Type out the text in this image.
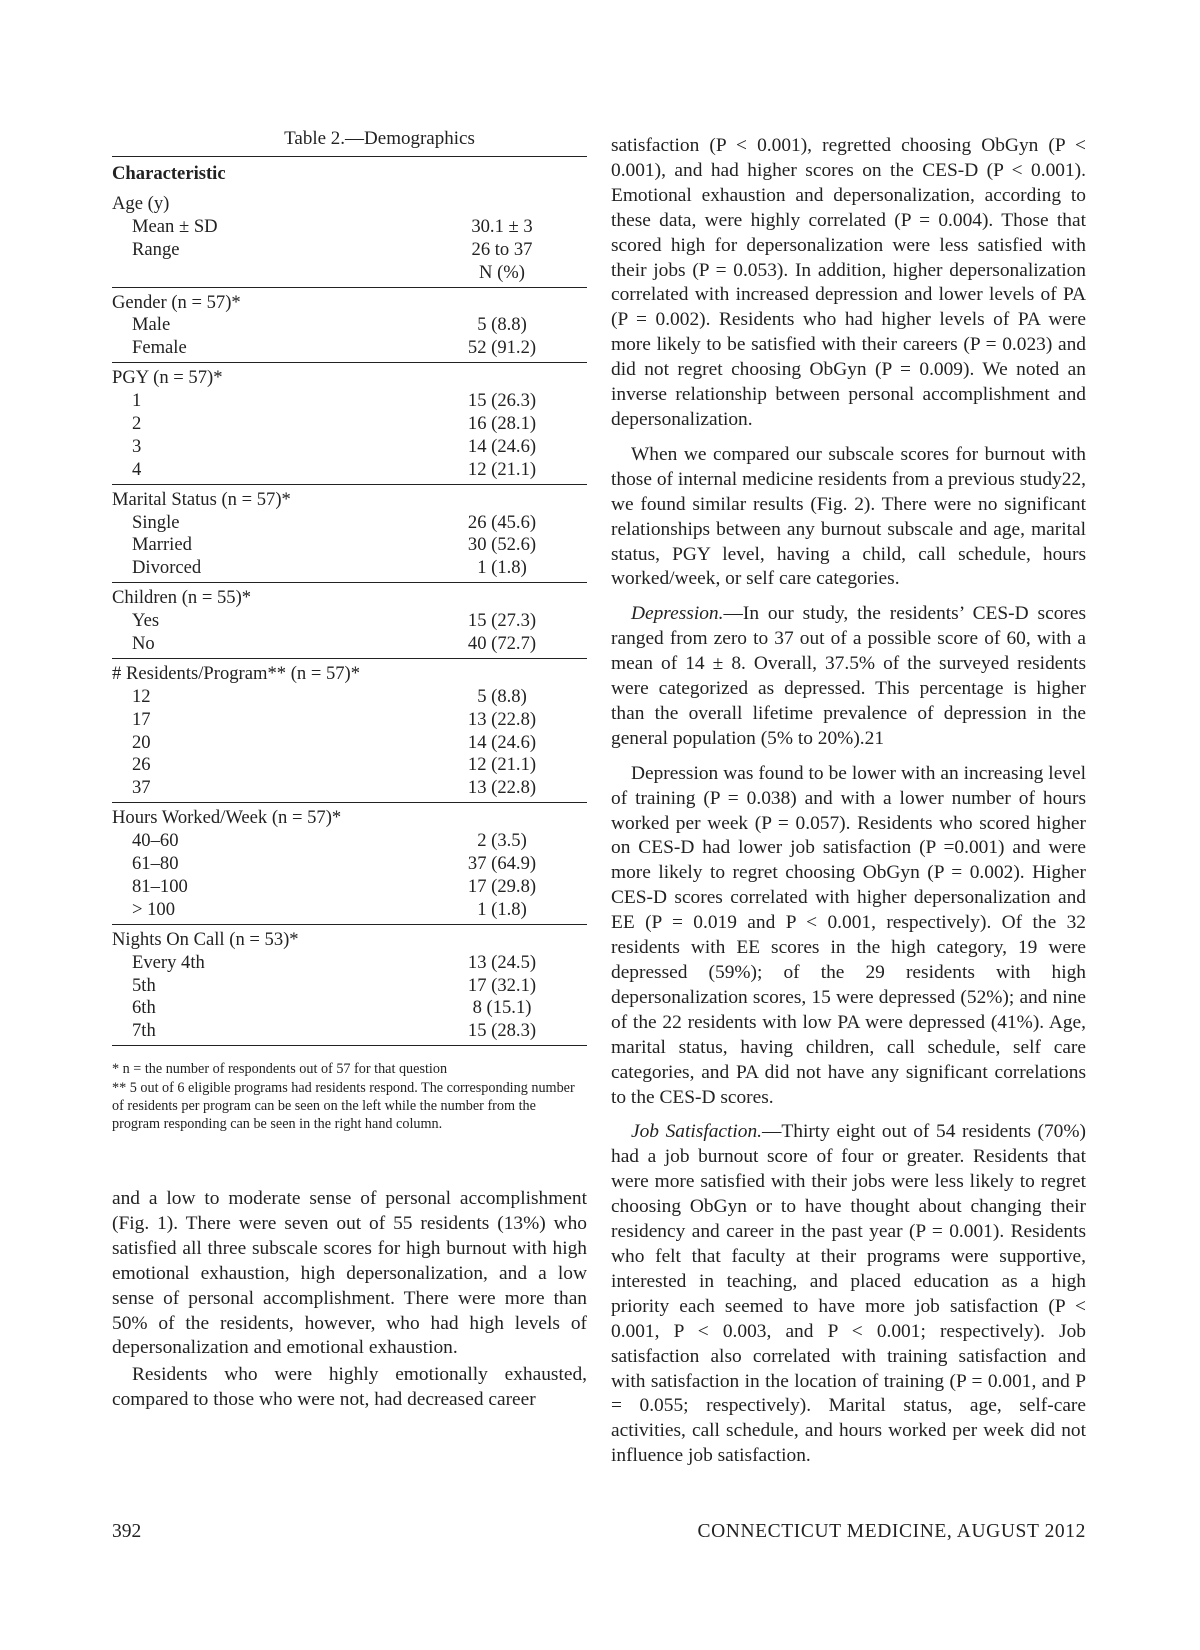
Table 2.—Demographics
Characteristic
Age (y)
Mean ± SD	30.1 ± 3
Range	26 to 37
N (%)
Gender (n = 57)*
Male	5 (8.8)
Female	52 (91.2)
PGY (n = 57)*
1	15 (26.3)
2	16 (28.1)
3	14 (24.6)
4	12 (21.1)
Marital Status (n = 57)*
Single	26 (45.6)
Married	30 (52.6)
Divorced	1 (1.8)
Children (n = 55)*
Yes	15 (27.3)
No	40 (72.7)
# Residents/Program** (n = 57)*
12	5 (8.8)
17	13 (22.8)
20	14 (24.6)
26	12 (21.1)
37	13 (22.8)
Hours Worked/Week (n = 57)*
40–60	2 (3.5)
61–80	37 (64.9)
81–100	17 (29.8)
> 100	1 (1.8)
Nights On Call (n = 53)*
Every 4th	13 (24.5)
5th	17 (32.1)
6th	8 (15.1)
7th	15 (28.3)
* n = the number of respondents out of 57 for that question
** 5 out of 6 eligible programs had residents respond. The corresponding number of residents per program can be seen on the left while the number from the program responding can be seen in the right hand column.

and a low to moderate sense of personal accomplishment (Fig. 1). There were seven out of 55 residents (13%) who satisfied all three subscale scores for high burnout with high emotional exhaustion, high depersonalization, and a low sense of personal accomplishment. There were more than 50% of the residents, however, who had high levels of depersonalization and emotional exhaustion.

Residents who were highly emotionally exhausted, compared to those who were not, had decreased career

satisfaction (P < 0.001), regretted choosing ObGyn (P < 0.001), and had higher scores on the CES-D (P < 0.001). Emotional exhaustion and depersonalization, according to these data, were highly correlated (P = 0.004). Those that scored high for depersonalization were less satisfied with their jobs (P = 0.053). In addition, higher depersonalization correlated with increased depression and lower levels of PA (P = 0.002). Residents who had higher levels of PA were more likely to be satisfied with their careers (P = 0.023) and did not regret choosing ObGyn (P = 0.009). We noted an inverse relationship between personal accomplishment and depersonalization.

When we compared our subscale scores for burnout with those of internal medicine residents from a previous study22, we found similar results (Fig. 2). There were no significant relationships between any burnout subscale and age, marital status, PGY level, having a child, call schedule, hours worked/week, or self care categories.

Depression.—In our study, the residents’ CES-D scores ranged from zero to 37 out of a possible score of 60, with a mean of 14 ± 8. Overall, 37.5% of the surveyed residents were categorized as depressed. This percentage is higher than the overall lifetime prevalence of depression in the general population (5% to 20%).21

Depression was found to be lower with an increasing level of training (P = 0.038) and with a lower number of hours worked per week (P = 0.057). Residents who scored higher on CES-D had lower job satisfaction (P =0.001) and were more likely to regret choosing ObGyn (P = 0.002). Higher CES-D scores correlated with higher depersonalization and EE (P = 0.019 and P < 0.001, respectively). Of the 32 residents with EE scores in the high category, 19 were depressed (59%); of the 29 residents with high depersonalization scores, 15 were depressed (52%); and nine of the 22 residents with low PA were depressed (41%). Age, marital status, having children, call schedule, self care categories, and PA did not have any significant correlations to the CES-D scores.

Job Satisfaction.—Thirty eight out of 54 residents (70%) had a job burnout score of four or greater. Residents that were more satisfied with their jobs were less likely to regret choosing ObGyn or to have thought about changing their residency and career in the past year (P = 0.001). Residents who felt that faculty at their programs were supportive, interested in teaching, and placed education as a high priority each seemed to have more job satisfaction (P < 0.001, P < 0.003, and P < 0.001; respectively). Job satisfaction also correlated with training satisfaction and with satisfaction in the location of training (P = 0.001, and P = 0.055; respectively). Marital status, age, self-care activities, call schedule, and hours worked per week did not influence job satisfaction.

392	CONNECTICUT MEDICINE, AUGUST 2012
